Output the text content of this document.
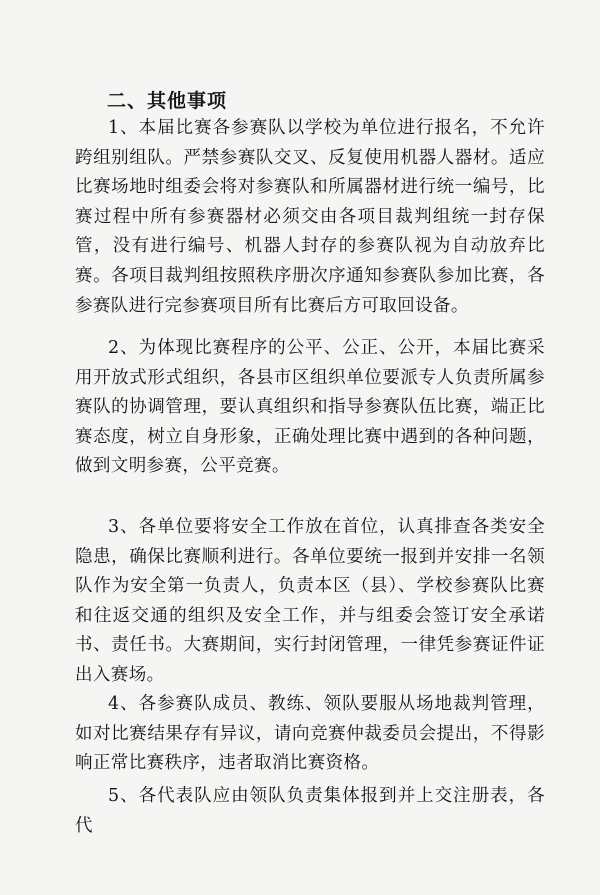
二、其他事项
1、本届比赛各参赛队以学校为单位进行报名，不允许跨组别组队。严禁参赛队交叉、反复使用机器人器材。适应比赛场地时组委会将对参赛队和所属器材进行统一编号，比赛过程中所有参赛器材必须交由各项目裁判组统一封存保管，没有进行编号、机器人封存的参赛队视为自动放弃比赛。各项目裁判组按照秩序册次序通知参赛队参加比赛，各参赛队进行完参赛项目所有比赛后方可取回设备。
2、为体现比赛程序的公平、公正、公开，本届比赛采用开放式形式组织，各县市区组织单位要派专人负责所属参赛队的协调管理，要认真组织和指导参赛队伍比赛，端正比赛态度，树立自身形象，正确处理比赛中遇到的各种问题，做到文明参赛，公平竞赛。
3、各单位要将安全工作放在首位，认真排查各类安全隐患，确保比赛顺利进行。各单位要统一报到并安排一名领队作为安全第一负责人，负责本区（县）、学校参赛队比赛和往返交通的组织及安全工作，并与组委会签订安全承诺书、责任书。大赛期间，实行封闭管理，一律凭参赛证件证出入赛场。
4、各参赛队成员、教练、领队要服从场地裁判管理，如对比赛结果存有异议，请向竞赛仲裁委员会提出，不得影响正常比赛秩序，违者取消比赛资格。
5、各代表队应由领队负责集体报到并上交注册表，各代
